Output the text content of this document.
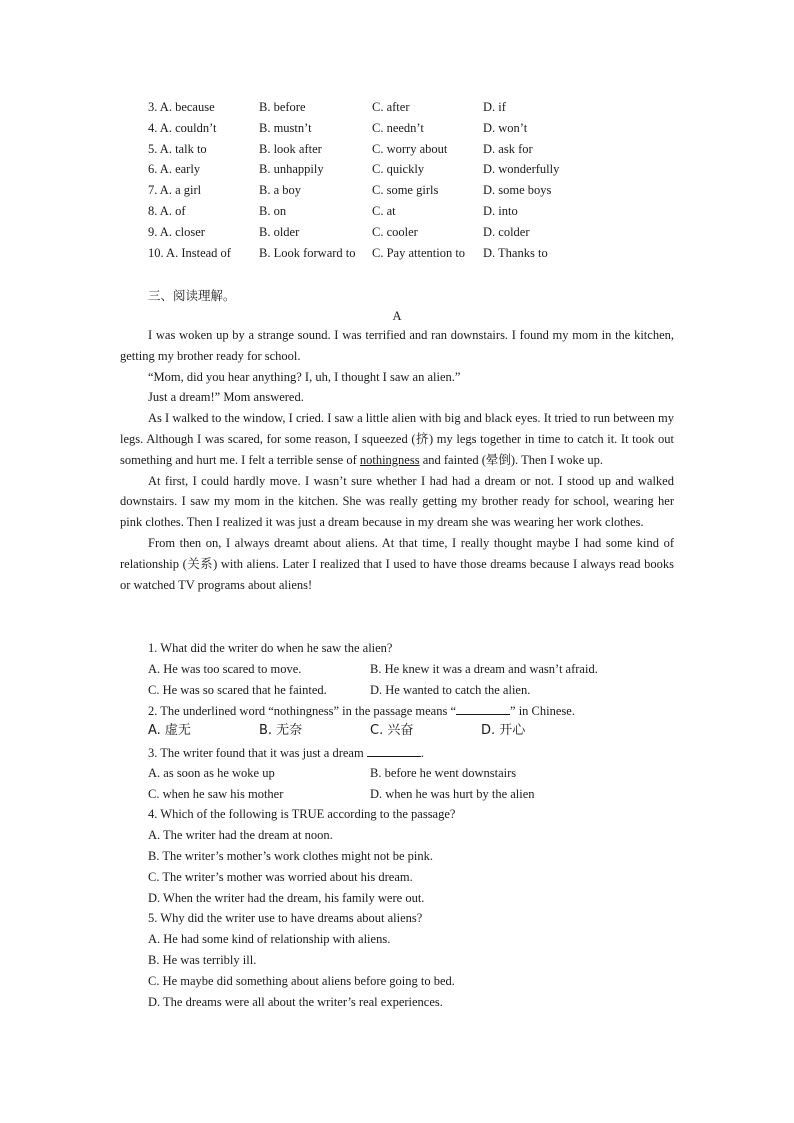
3. A. because	B. before	C. after	D. if
4. A. couldn’t	B. mustn’t	C. needn’t	D. won’t
5. A. talk to	B. look after	C. worry about	D. ask for
6. A. early	B. unhappily	C. quickly	D. wonderfully
7. A. a girl	B. a boy	C. some girls	D. some boys
8. A. of	B. on	C. at	D. into
9. A. closer	B. older	C. cooler	D. colder
10. A. Instead of	B. Look forward to	C. Pay attention to	D. Thanks to
三、阅读理解。
A

I was woken up by a strange sound. I was terrified and ran downstairs. I found my mom in the kitchen, getting my brother ready for school.

“Mom, did you hear anything? I, uh, I thought I saw an alien.”

Just a dream!” Mom answered.

As I walked to the window, I cried. I saw a little alien with big and black eyes. It tried to run between my legs. Although I was scared, for some reason, I squeezed (挤) my legs together in time to catch it. It took out something and hurt me. I felt a terrible sense of nothingness and fainted (晕倒). Then I woke up.

At first, I could hardly move. I wasn’t sure whether I had had a dream or not. I stood up and walked downstairs. I saw my mom in the kitchen. She was really getting my brother ready for school, wearing her pink clothes. Then I realized it was just a dream because in my dream she was wearing her work clothes.

From then on, I always dreamt about aliens. At that time, I really thought maybe I had some kind of relationship (关系) with aliens. Later I realized that I used to have those dreams because I always read books or watched TV programs about aliens!

1. What did the writer do when he saw the alien?
A. He was too scared to move.	B. He knew it was a dream and wasn’t afraid.
C. He was so scared that he fainted.	D. He wanted to catch the alien.
2. The underlined word “nothingness” in the passage means “	” in Chinese.
A. 虚无	B. 无奈	C. 兴奋	D. 开心
3. The writer found that it was just a dream	.
A. as soon as he woke up	B. before he went downstairs
C. when he saw his mother	D. when he was hurt by the alien
4. Which of the following is TRUE according to the passage?
A. The writer had the dream at noon.
B. The writer’s mother’s work clothes might not be pink.
C. The writer’s mother was worried about his dream.
D. When the writer had the dream, his family were out.
5. Why did the writer use to have dreams about aliens?
A. He had some kind of relationship with aliens.
B. He was terribly ill.
C. He maybe did something about aliens before going to bed.
D. The dreams were all about the writer’s real experiences.
